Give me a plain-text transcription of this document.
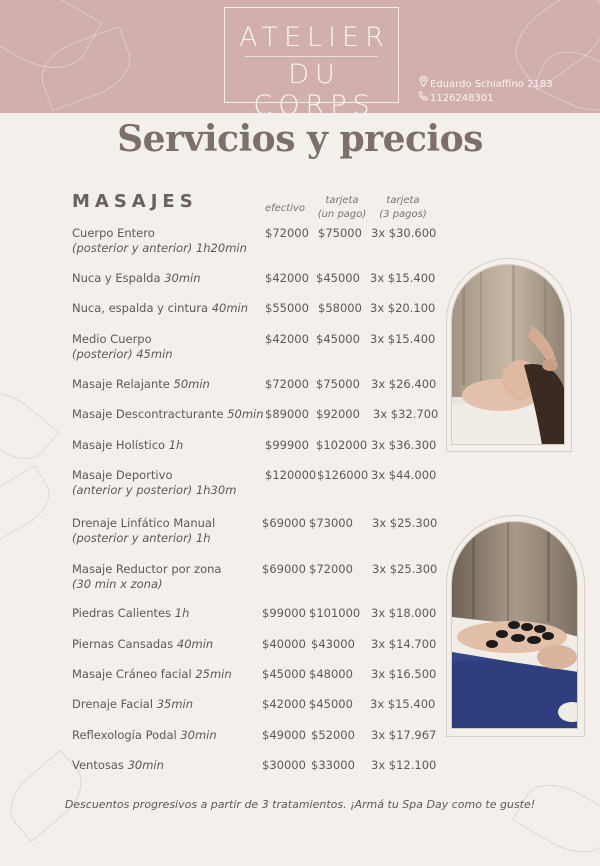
ATELIER
DU CORPS
Eduardo Schiaffino 2183
1126248301
Servicios y precios
MASAJES	efectivo
tarjeta
(un pago)
tarjeta
(3 pagos)
Cuerpo Entero
(posterior y anterior) 1h20min
Nuca y Espalda 30min
Nuca, espalda y cintura 40min
Medio Cuerpo
(posterior) 45min
Masaje Relajante 50min
Masaje Descontracturante 50min
Masaje Holístico 1h
Masaje Deportivo
(anterior y posterior) 1h30m
Drenaje Linfático Manual
(posterior y anterior) 1h
Masaje Reductor por zona
(30 min x zona)
Piedras Calientes 1h
Piernas Cansadas 40min
Masaje Cráneo facial 25min
Drenaje Facial 35min
Reflexología Podal 30min
Ventosas 30min
$72000
$42000
$55000
$42000
$72000
$89000
$99900
$120000
$69000
$69000
$99000
$40000
$45000
$42000
$49000
$30000
$75000
$45000
$58000
$45000
$75000
$92000
$102000
$126000
$73000
$72000
$101000
$43000
$48000
$45000
$52000
$33000
3x $30.600
3x $15.400
3x $20.100
3x $15.400
3x $26.400
3x $32.700
3x $36.300
3x $44.000
3x $25.300
3x $25.300
3x $18.000
3x $14.700
3x $16.500
3x $15.400
3x $17.967
3x $12.100
Descuentos progresivos a partir de 3 tratamientos. ¡Armá tu Spa Day como te guste!
